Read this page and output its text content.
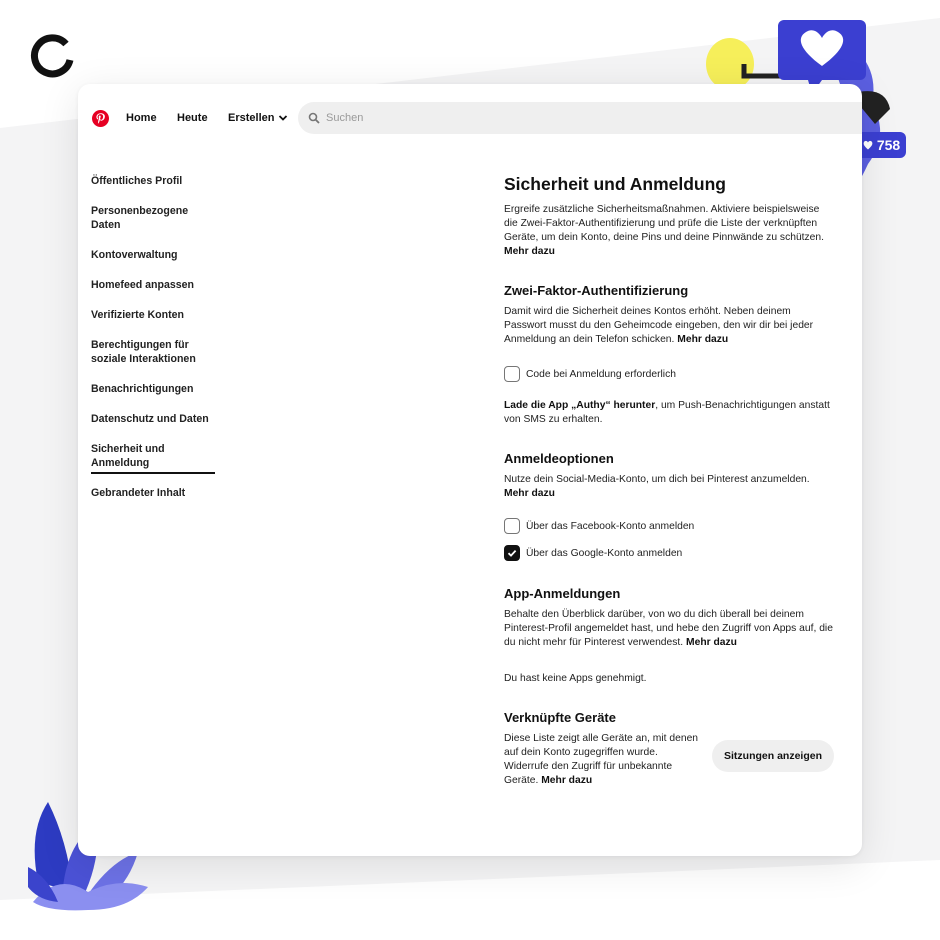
758
Home Heute Erstellen
Suchen
Öffentliches Profil
Personenbezogene Daten
Kontoverwaltung
Homefeed anpassen
Verifizierte Konten
Berechtigungen für soziale Interaktionen
Benachrichtigungen
Datenschutz und Daten
Sicherheit und Anmeldung
Gebrandeter Inhalt
Sicherheit und Anmeldung

Ergreife zusätzliche Sicherheitsmaßnahmen. Aktiviere beispielsweise die Zwei-Faktor-Authentifizierung und prüfe die Liste der verknüpften Geräte, um dein Konto, deine Pins und deine Pinnwände zu schützen. Mehr dazu

Zwei-Faktor-Authentifizierung

Damit wird die Sicherheit deines Kontos erhöht. Neben deinem Passwort musst du den Geheimcode eingeben, den wir dir bei jeder Anmeldung an dein Telefon schicken. Mehr dazu

Code bei Anmeldung erforderlich

Lade die App „Authy“ herunter, um Push-Benachrichtigungen anstatt von SMS zu erhalten.

Anmeldeoptionen

Nutze dein Social-Media-Konto, um dich bei Pinterest anzumelden. Mehr dazu

Über das Facebook-Konto anmelden
Über das Google-Konto anmelden
App-Anmeldungen

Behalte den Überblick darüber, von wo du dich überall bei deinem Pinterest-Profil angemeldet hast, und hebe den Zugriff von Apps auf, die du nicht mehr für Pinterest verwendest. Mehr dazu

Du hast keine Apps genehmigt.

Verknüpfte Geräte

Diese Liste zeigt alle Geräte an, mit denen auf dein Konto zugegriffen wurde. Widerrufe den Zugriff für unbekannte Geräte. Mehr dazu

Sitzungen anzeigen
